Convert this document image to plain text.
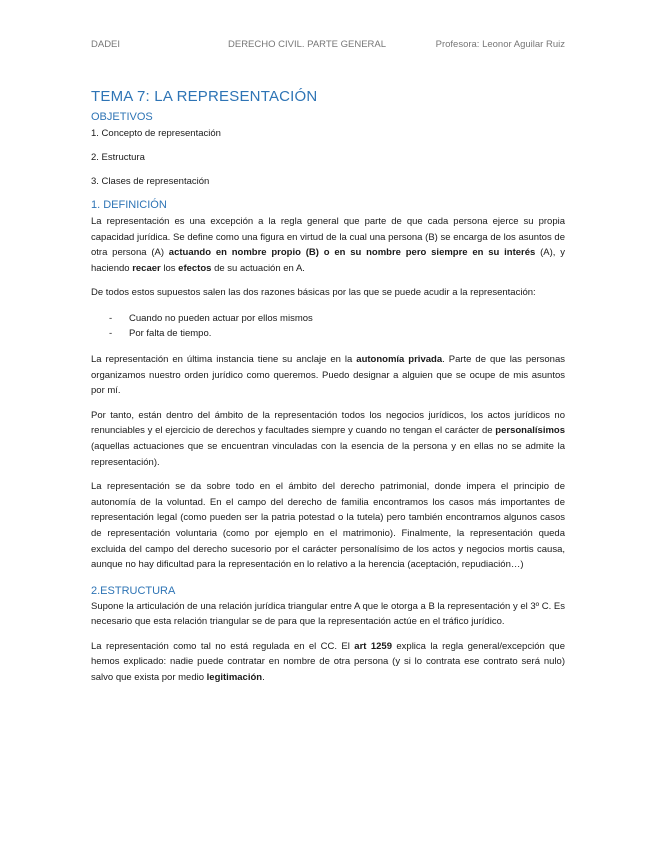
DADEI	DERECHO CIVIL. PARTE GENERAL	Profesora: Leonor Aguilar Ruiz
TEMA 7: LA REPRESENTACIÓN
OBJETIVOS

1. Concepto de representación

2. Estructura

3. Clases de representación

1. DEFINICIÓN

La representación es una excepción a la regla general que parte de que cada persona ejerce su propia capacidad jurídica. Se define como una figura en virtud de la cual una persona (B) se encarga de los asuntos de otra persona (A) actuando en nombre propio (B) o en su nombre pero siempre en su interés (A), y haciendo recaer los efectos de su actuación en A.

De todos estos supuestos salen las dos razones básicas por las que se puede acudir a la representación:

- Cuando no pueden actuar por ellos mismos
- Por falta de tiempo.

La representación en última instancia tiene su anclaje en la autonomía privada. Parte de que las personas organizamos nuestro orden jurídico como queremos. Puedo designar a alguien que se ocupe de mis asuntos por mí.

Por tanto, están dentro del ámbito de la representación todos los negocios jurídicos, los actos jurídicos no renunciables y el ejercicio de derechos y facultades siempre y cuando no tengan el carácter de personalísimos (aquellas actuaciones que se encuentran vinculadas con la esencia de la persona y en ellas no se admite la representación).

La representación se da sobre todo en el ámbito del derecho patrimonial, donde impera el principio de autonomía de la voluntad. En el campo del derecho de familia encontramos los casos más importantes de representación legal (como pueden ser la patria potestad o la tutela) pero también encontramos algunos casos de representación voluntaria (como por ejemplo en el matrimonio). Finalmente, la representación queda excluida del campo del derecho sucesorio por el carácter personalísimo de los actos y negocios mortis causa, aunque no hay dificultad para la representación en lo relativo a la herencia (aceptación, repudiación…)

2.ESTRUCTURA

Supone la articulación de una relación jurídica triangular entre A que le otorga a B la representación y el 3º C. Es necesario que esta relación triangular se de para que la representación actúe en el tráfico jurídico.

La representación como tal no está regulada en el CC. El art 1259 explica la regla general/excepción que hemos explicado: nadie puede contratar en nombre de otra persona (y si lo contrata ese contrato será nulo) salvo que exista por medio legitimación.
